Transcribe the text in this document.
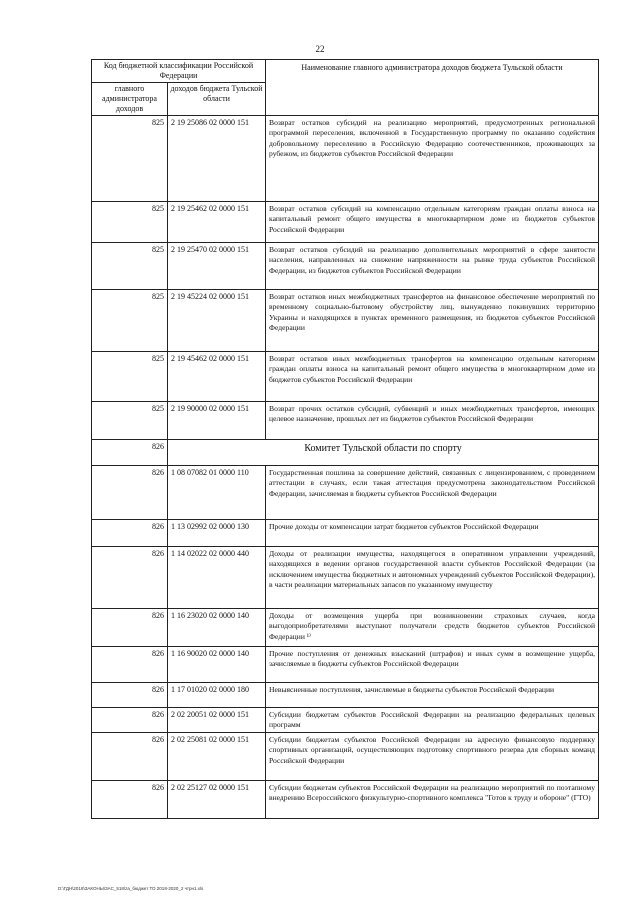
22
Код бюджетной классификации Российской Федерации		Наименование главного администратора доходов бюджета Тульской области
главного администратора доходов	доходов бюджета Тульской области	
825	2 19 25086 02 0000 151	Возврат остатков субсидий на реализацию мероприятий, предусмотренных региональной программой переселения, включенной в Государственную программу по оказанию содействия добровольному переселению в Российскую Федерацию соотечественников, проживающих за рубежом, из бюджетов субъектов Российской Федерации
825	2 19 25462 02 0000 151	Возврат остатков субсидий на компенсацию отдельным категориям граждан оплаты взноса на капитальный ремонт общего имущества в многоквартирном доме из бюджетов субъектов Российской Федерации
825	2 19 25470 02 0000 151	Возврат остатков субсидий на реализацию дополнительных мероприятий в сфере занятости населения, направленных на снижение напряженности на рынке труда субъектов Российской Федерации, из бюджетов субъектов Российской Федерации
825	2 19 45224 02 0000 151	Возврат остатков иных межбюджетных трансфертов на финансовое обеспечение мероприятий по временному социально-бытовому обустройству лиц, вынужденно покинувших территорию Украины и находящихся в пунктах временного размещения, из бюджетов субъектов Российской Федерации
825	2 19 45462 02 0000 151	Возврат остатков иных межбюджетных трансфертов на компенсацию отдельным категориям граждан оплаты взноса на капитальный ремонт общего имущества в многоквартирном доме из бюджетов субъектов Российской Федерации
825	2 19 90000 02 0000 151	Возврат прочих остатков субсидий, субвенций и иных межбюджетных трансфертов, имеющих целевое назначение, прошлых лет из бюджетов субъектов Российской Федерации
826	Комитет Тульской области по спорту	
826	1 08 07082 01 0000 110	Государственная пошлина за совершение действий, связанных с лицензированием, с проведением аттестации в случаях, если такая аттестация предусмотрена законодательством Российской Федерации, зачисляемая в бюджеты субъектов Российской Федерации
826	1 13 02992 02 0000 130	Прочие доходы от компенсации затрат бюджетов субъектов Российской Федерации
826	1 14 02022 02 0000 440	Доходы от реализации имущества, находящегося в оперативном управлении учреждений, находящихся в ведении органов государственной власти субъектов Российской Федерации (за исключением имущества бюджетных и автономных учреждений субъектов Российской Федерации), в части реализации материальных запасов по указанному имуществу
826	1 16 23020 02 0000 140	Доходы от возмещения ущерба при возникновении страховых случаев, когда выгодоприобретателями выступают получатели средств бюджетов субъектов Российской Федерации ¹⁾
826	1 16 90020 02 0000 140	Прочие поступления от денежных взысканий (штрафов) и иных сумм в возмещение ущерба, зачисляемые в бюджеты субъектов Российской Федерации
826	1 17 01020 02 0000 180	Невыясненные поступления, зачисляемые в бюджеты субъектов Российской Федерации
826	2 02 20051 02 0000 151	Субсидии бюджетам субъектов Российской Федерации на реализацию федеральных целевых программ
826	2 02 25081 02 0000 151	Субсидии бюджетам субъектов Российской Федерации на адресную финансовую поддержку спортивных организаций, осуществляющих подготовку спортивного резерва для сборных команд Российской Федерации
826	2 02 25127 02 0000 151	Субсидии бюджетам субъектов Российской Федерации на реализацию мероприятий по поэтапному внедрению Всероссийского физкультурно-спортивного комплекса "Готов к труду и обороне" (ГТО)
D:\ГДН\2018\ЗАКОНЫ\ЗАС_518\zа_бюджет ТО 2018-2020_2 чтрн1.xls
